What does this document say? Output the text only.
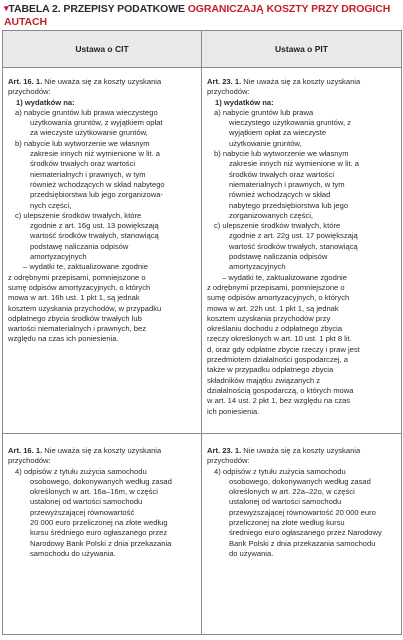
▾TABELA 2. PRZEPISY PODATKOWE OGRANICZAJĄ KOSZTY PRZY DROGICH
AUTACH
Ustawa o CIT	Ustawa o PIT

Art. 16. 1. Nie uważa się za koszty uzyskania

przychodów:

1) wydatków na:

a) nabycie gruntów lub prawa wieczystego

użytkowania gruntów, z wyjątkiem opłat

za wieczyste użytkowanie gruntów,

b) nabycie lub wytworzenie we własnym

zakresie innych niż wymienione w lit. a

środków trwałych oraz wartości

niematerialnych i prawnych, w tym

również wchodzących w skład nabytego

przedsiębiorstwa lub jego zorganizowa-

nych części,

c) ulepszenie środków trwałych, które

zgodnie z art. 16g ust. 13 powiększają

wartość środków trwałych, stanowiącą

podstawę naliczania odpisów

amortyzacyjnych

– wydatki te, zaktualizowane zgodnie

z odrębnymi przepisami, pomniejszone o

sumę odpisów amortyzacyjnych, o których

mowa w art. 16h ust. 1 pkt 1, są jednak

kosztem uzyskania przychodów, w przypadku

odpłatnego zbycia środków trwałych lub

wartości niematerialnych i prawnych, bez

względu na czas ich poniesienia.

Art. 23. 1. Nie uważa się za koszty uzyskania

przychodów:

1) wydatków na:

a) nabycie gruntów lub prawa

wieczystego użytkowania gruntów, z

wyjątkiem opłat za wieczyste

użytkowanie gruntów,

b) nabycie lub wytworzenie we własnym

zakresie innych niż wymienione w lit. a

środków trwałych oraz wartości

niematerialnych i prawnych, w tym

również wchodzących w skład

nabytego przedsiębiorstwa lub jego

zorganizowanych części,

c) ulepszenie środków trwałych, które

zgodnie z art. 22g ust. 17 powiększają

wartość środków trwałych, stanowiącą

podstawę naliczania odpisów

amortyzacyjnych

– wydatki te, zaktualizowane zgodnie

z odrębnymi przepisami, pomniejszone o

sumę odpisów amortyzacyjnych, o których

mowa w art. 22h ust. 1 pkt 1, są jednak

kosztem uzyskania przychodów przy

określaniu dochodu z odpłatnego zbycia

rzeczy określonych w art. 10 ust. 1 pkt 8 lit.

d, oraz gdy odpłatne zbycie rzeczy i praw jest

przedmiotem działalności gospodarczej, a

także w przypadku odpłatnego zbycia

składników majątku związanych z

działalnością gospodarczą, o których mowa

w art. 14 ust. 2 pkt 1, bez względu na czas

ich poniesienia.

Art. 16. 1. Nie uważa się za koszty uzyskania

przychodów:

4) odpisów z tytułu zużycia samochodu

osobowego, dokonywanych według zasad

określonych w art. 16a–16m, w części

ustalonej od wartości samochodu

przewyższającej równowartość

20 000 euro przeliczonej na złote według

kursu średniego euro ogłaszanego przez

Narodowy Bank Polski z dnia przekazania

samochodu do używania.

Art. 23. 1. Nie uważa się za koszty uzyskania

przychodów:

4) odpisów z tytułu zużycia samochodu

osobowego, dokonywanych według zasad

określonych w art. 22a–22o, w części

ustalonej od wartości samochodu

przewyższającej równowartość 20 000 euro

przeliczonej na złote według kursu

średniego euro ogłaszanego przez Narodowy

Bank Polski z dnia przekazania samochodu

do używania.
